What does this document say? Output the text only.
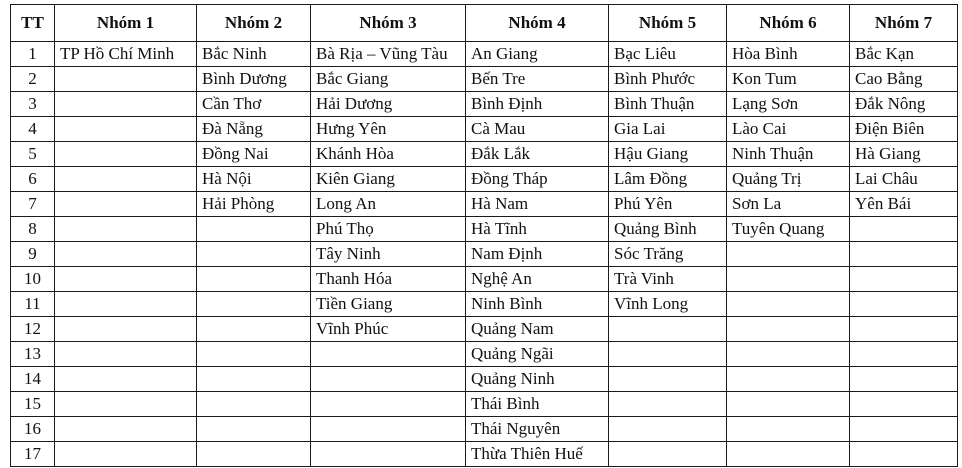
TT	Nhóm 1	Nhóm 2	Nhóm 3	Nhóm 4	Nhóm 5	Nhóm 6	Nhóm 7
1	TP Hồ Chí Minh	Bắc Ninh	Bà Rịa – Vũng Tàu	An Giang	Bạc Liêu	Hòa Bình	Bắc Kạn
2		Bình Dương	Bắc Giang	Bến Tre	Bình Phước	Kon Tum	Cao Bằng
3		Cần Thơ	Hải Dương	Bình Định	Bình Thuận	Lạng Sơn	Đắk Nông
4		Đà Nẵng	Hưng Yên	Cà Mau	Gia Lai	Lào Cai	Điện Biên
5		Đồng Nai	Khánh Hòa	Đắk Lắk	Hậu Giang	Ninh Thuận	Hà Giang
6		Hà Nội	Kiên Giang	Đồng Tháp	Lâm Đồng	Quảng Trị	Lai Châu
7		Hải Phòng	Long An	Hà Nam	Phú Yên	Sơn La	Yên Bái
8			Phú Thọ	Hà Tĩnh	Quảng Bình	Tuyên Quang	
9			Tây Ninh	Nam Định	Sóc Trăng		
10			Thanh Hóa	Nghệ An	Trà Vinh		
11			Tiền Giang	Ninh Bình	Vĩnh Long		
12			Vĩnh Phúc	Quảng Nam			
13				Quảng Ngãi			
14				Quảng Ninh			
15				Thái Bình			
16				Thái Nguyên			
17				Thừa Thiên Huế			
